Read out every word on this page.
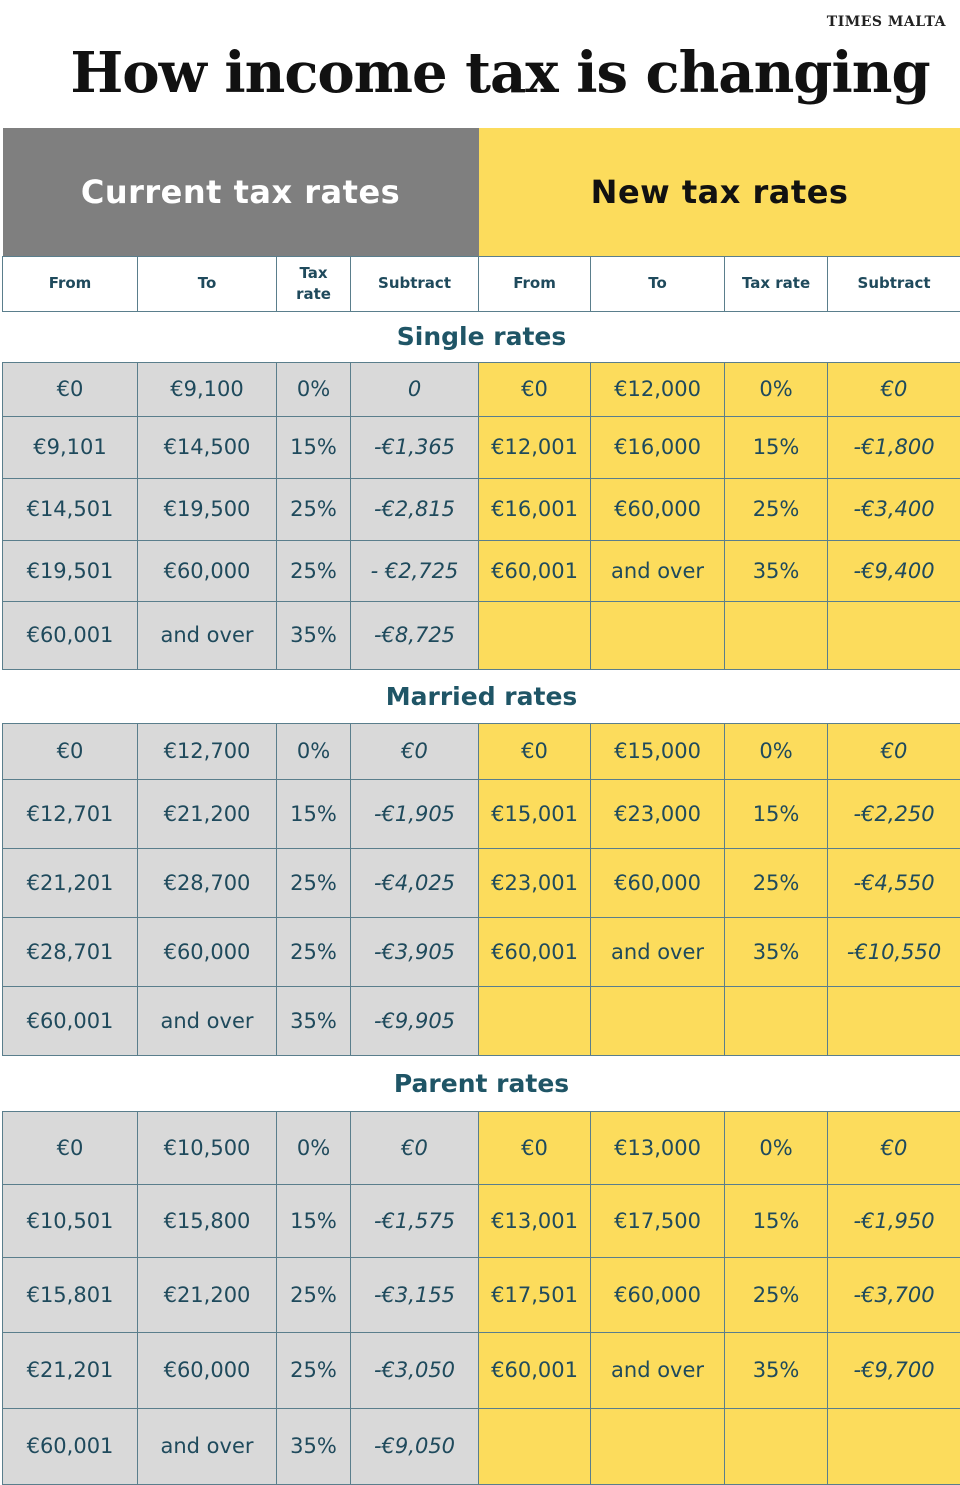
TIMES MALTA
How income tax is changing
Current tax rates				New tax rates			
From	To	Tax rate	Subtract	From	To	Tax rate	Subtract
Single rates							
€0	€9,100	0%	0	€0	€12,000	0%	€0
€9,101	€14,500	15%	-€1,365	€12,001	€16,000	15%	-€1,800
€14,501	€19,500	25%	-€2,815	€16,001	€60,000	25%	-€3,400
€19,501	€60,000	25%	- €2,725	€60,001	and over	35%	-€9,400
€60,001	and over	35%	-€8,725				
Married rates							
€0	€12,700	0%	€0	€0	€15,000	0%	€0
€12,701	€21,200	15%	-€1,905	€15,001	€23,000	15%	-€2,250
€21,201	€28,700	25%	-€4,025	€23,001	€60,000	25%	-€4,550
€28,701	€60,000	25%	-€3,905	€60,001	and over	35%	-€10,550
€60,001	and over	35%	-€9,905				
Parent rates							
€0	€10,500	0%	€0	€0	€13,000	0%	€0
€10,501	€15,800	15%	-€1,575	€13,001	€17,500	15%	-€1,950
€15,801	€21,200	25%	-€3,155	€17,501	€60,000	25%	-€3,700
€21,201	€60,000	25%	-€3,050	€60,001	and over	35%	-€9,700
€60,001	and over	35%	-€9,050				
